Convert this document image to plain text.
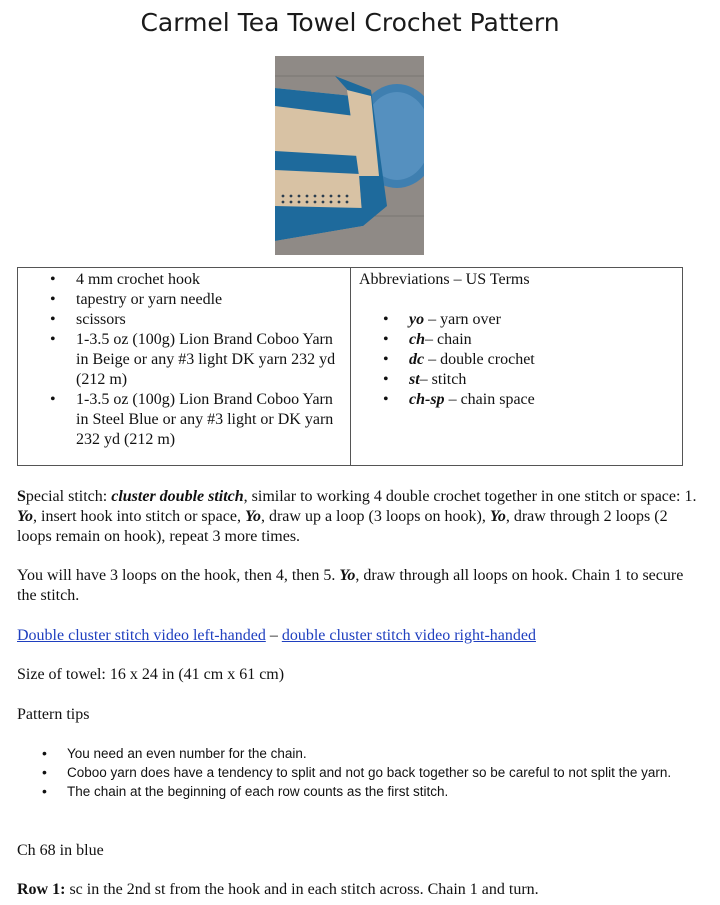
Carmel Tea Towel Crochet Pattern
• 4 mm crochet hook
• tapestry or yarn needle
• scissors
• 1-3.5 oz (100g) Lion Brand Coboo Yarn in Beige or any #3 light DK yarn 232 yd (212 m)
• 1-3.5 oz (100g) Lion Brand Coboo Yarn in Steel Blue or any #3 light or DK yarn 232 yd (212 m)
Abbreviations – US Terms
• yo – yarn over
• ch– chain
• dc – double crochet
• st– stitch
• ch-sp – chain space
Special stitch: cluster double stitch, similar to working 4 double crochet together in one stitch or space: 1. Yo, insert hook into stitch or space, Yo, draw up a loop (3 loops on hook), Yo, draw through 2 loops (2 loops remain on hook), repeat 3 more times.
You will have 3 loops on the hook, then 4, then 5. Yo, draw through all loops on hook. Chain 1 to secure the stitch.
Double cluster stitch video left-handed – double cluster stitch video right-handed
Size of towel: 16 x 24 in (41 cm x 61 cm)
Pattern tips
• You need an even number for the chain.
• Coboo yarn does have a tendency to split and not go back together so be careful to not split the yarn.
• The chain at the beginning of each row counts as the first stitch.
Ch 68 in blue
Row 1: sc in the 2nd st from the hook and in each stitch across. Chain 1 and turn.
